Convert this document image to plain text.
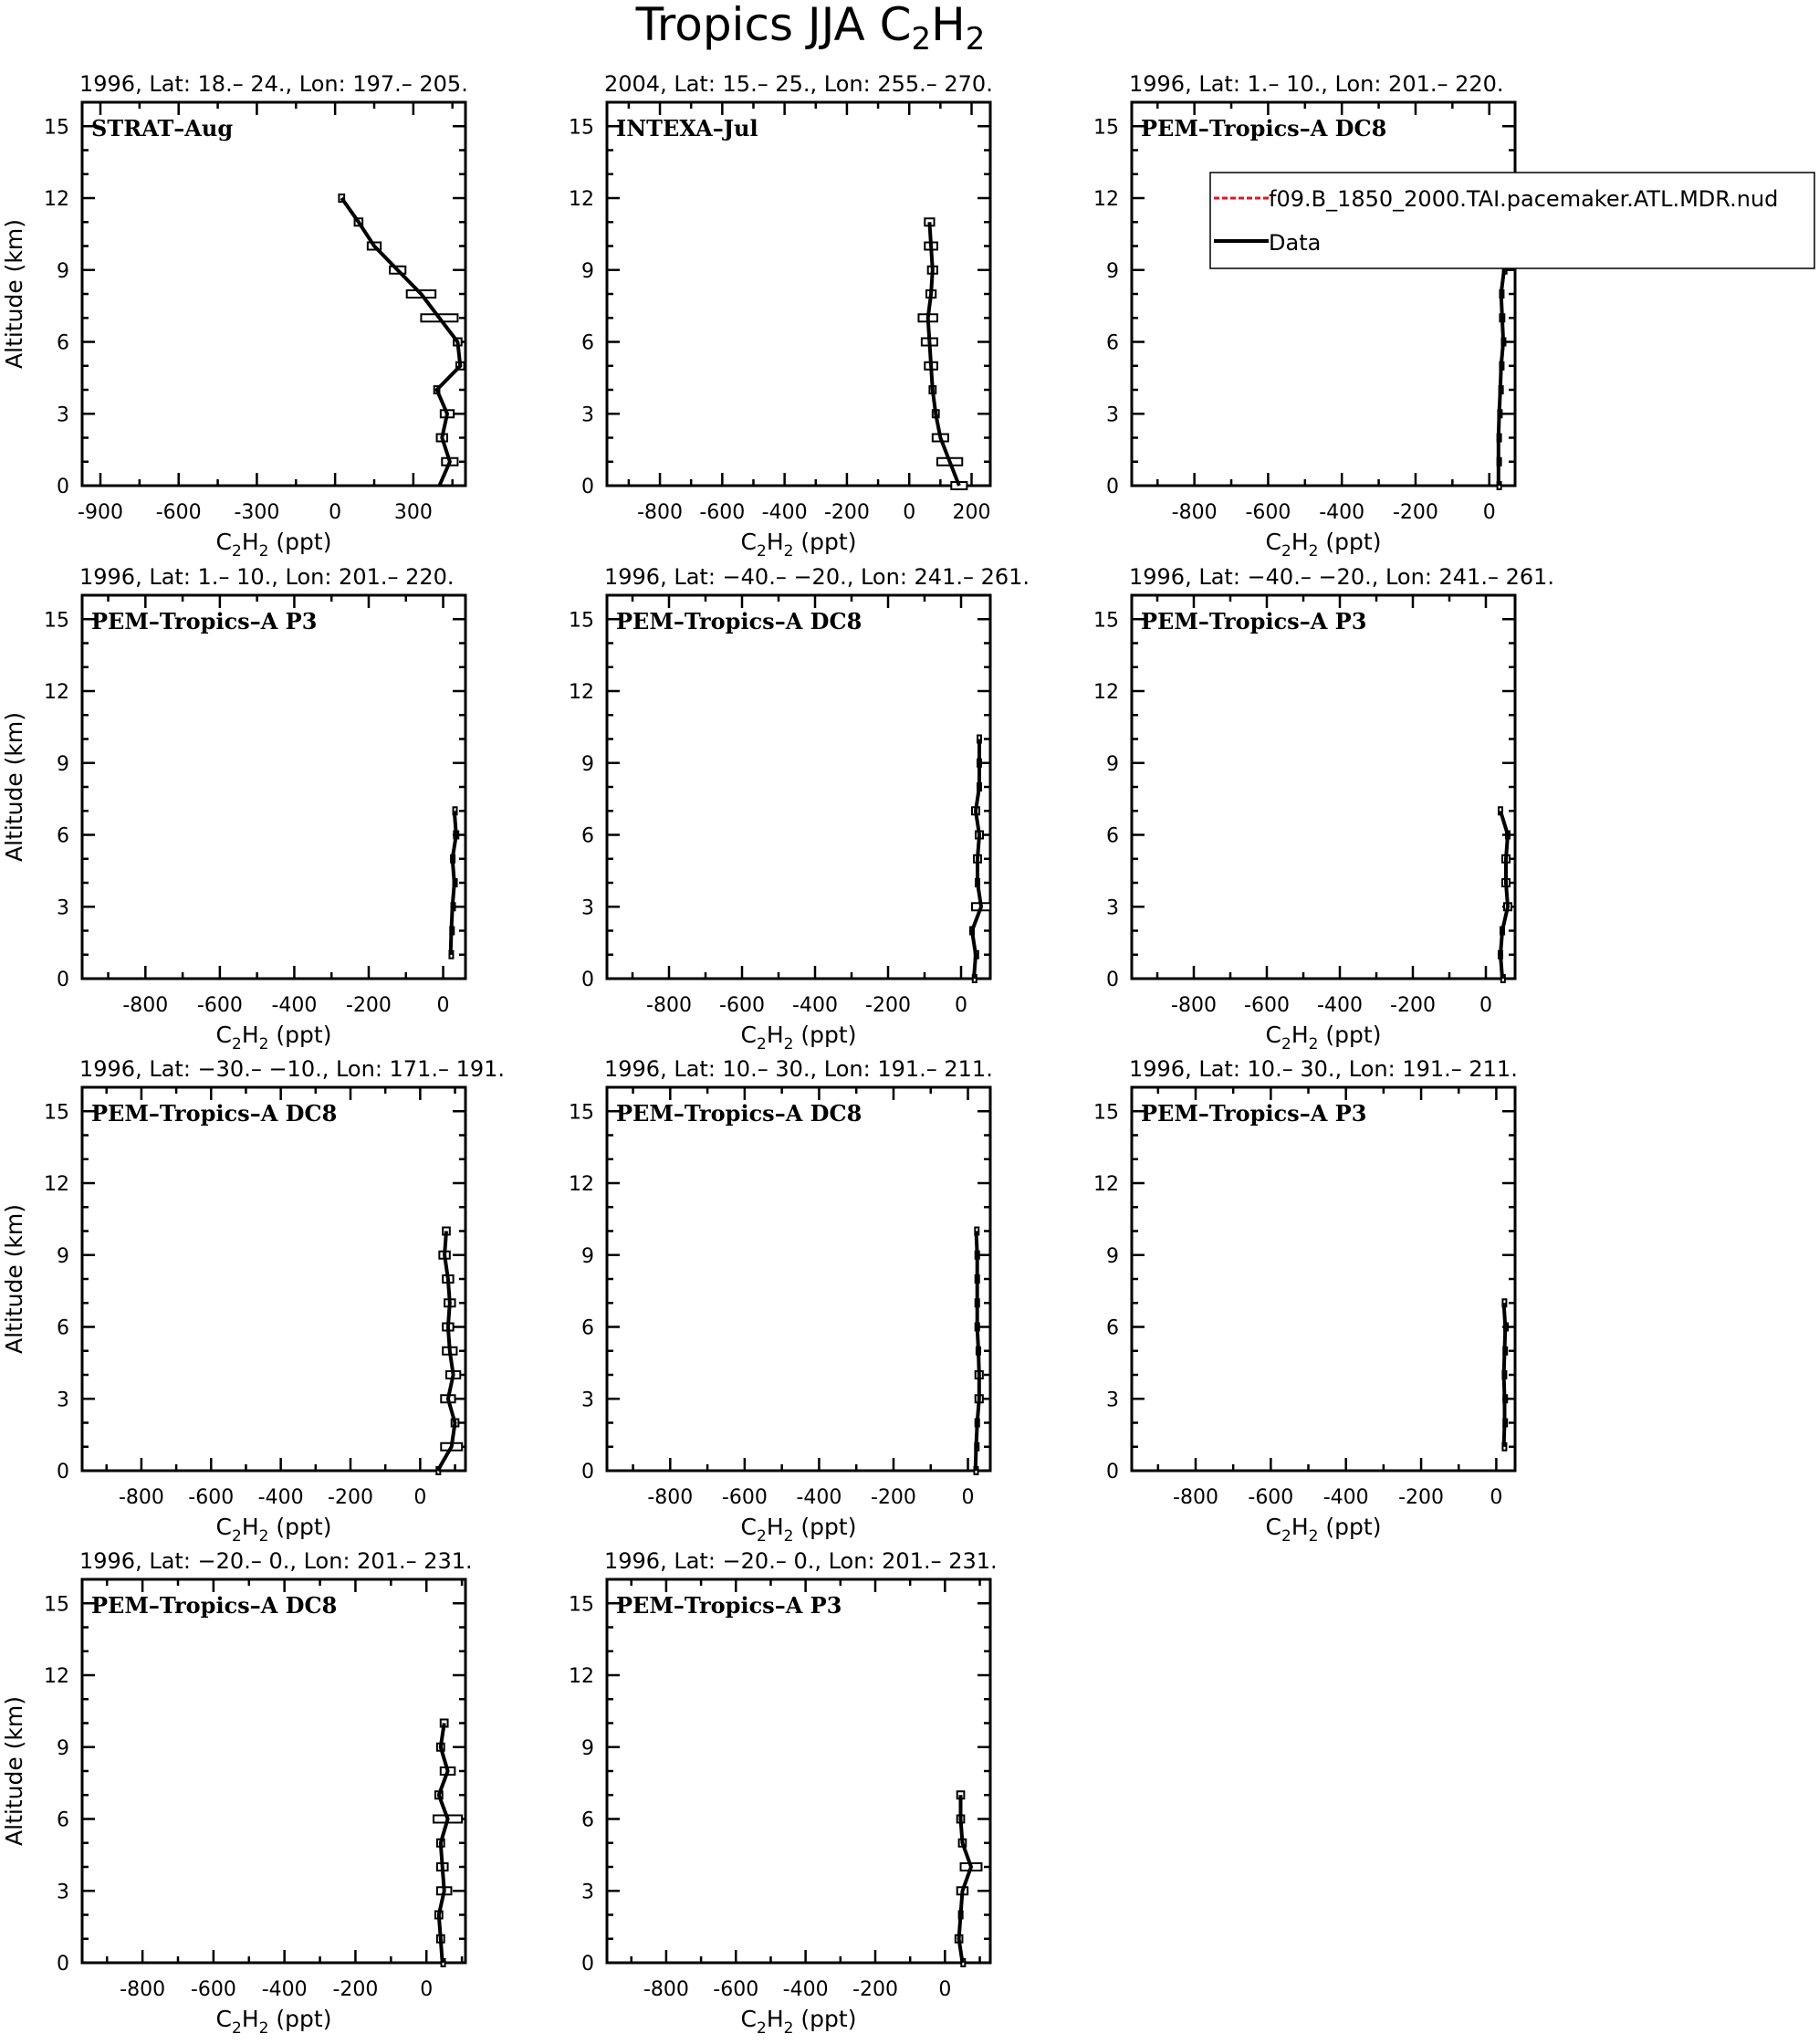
Tropics JJA $C_2H_2$
1996, Lat: 18.– 24., Lon: 197.– 205.
STRAT–Aug
0
3
6
9
12
15
-900 -600 -300 0	300
$C_2H_2$ (ppt)
Altitude (km)
2004, Lat: 15.– 25., Lon: 255.– 270.
INTEXA–Jul
0
3
6
9
12
15
-800 -600 -400 -200 0 200
$C_2H_2$ (ppt)
1996, Lat: 1.– 10., Lon: 201.– 220.
PEM–Tropics–A DC8
0
3
6
9
12
15
-800 -600 -400 -200 0
$C_2H_2$ (ppt)
1996, Lat: 1.– 10., Lon: 201.– 220.
PEM–Tropics–A P3
0
3
6
9
12
15
-800 -600 -400 -200 0
$C_2H_2$ (ppt)
Altitude (km)
1996, Lat: −40.– −20., Lon: 241.– 261.
PEM–Tropics–A DC8
0
3
6
9
12
15
-800 -600 -400 -200 0
$C_2H_2$ (ppt)
1996, Lat: −40.– −20., Lon: 241.– 261.
PEM–Tropics–A P3
0
3
6
9
12
15
-800 -600 -400 -200 0
$C_2H_2$ (ppt)
1996, Lat: −30.– −10., Lon: 171.– 191.
PEM–Tropics–A DC8
0
3
6
9
12
15
-800 -600 -400 -200 0
$C_2H_2$ (ppt)
Altitude (km)
1996, Lat: 10.– 30., Lon: 191.– 211.
PEM–Tropics–A DC8
0
3
6
9
12
15
-800 -600 -400 -200 0
$C_2H_2$ (ppt)
1996, Lat: 10.– 30., Lon: 191.– 211.
PEM–Tropics–A P3
0
3
6
9
12
15
-800 -600 -400 -200 0
$C_2H_2$ (ppt)
1996, Lat: −20.– 0., Lon: 201.– 231.
PEM–Tropics–A DC8
0
3
6
9
12
15
-800 -600 -400 -200 0
$C_2H_2$ (ppt)
Altitude (km)
1996, Lat: −20.– 0., Lon: 201.– 231.
PEM–Tropics–A P3
0
3
6
9
12
15
-800 -600 -400 -200 0
$C_2H_2$ (ppt)
f09.B_1850_2000.TAI.pacemaker.ATL.MDR.nud
Data
